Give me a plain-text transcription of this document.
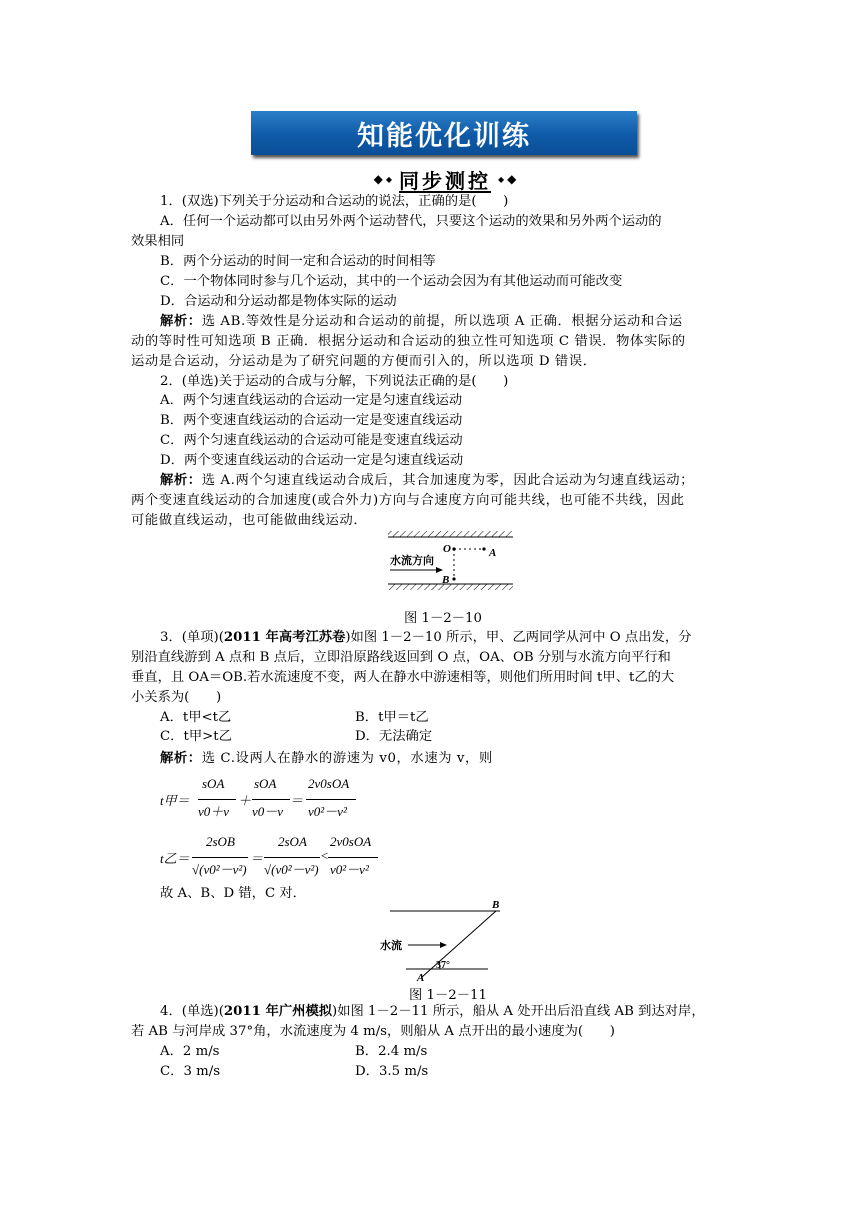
知能优化训练
◆ ◆ 同步测控 ◆ ◆
1．(双选)下列关于分运动和合运动的说法，正确的是(　　)
A．任何一个运动都可以由另外两个运动替代，只要这个运动的效果和另外两个运动的
效果相同
B．两个分运动的时间一定和合运动的时间相等
C．一个物体同时参与几个运动，其中的一个运动会因为有其他运动而可能改变
D．合运动和分运动都是物体实际的运动
解析：选 AB.等效性是分运动和合运动的前提，所以选项 A 正确．根据分运动和合运
动的等时性可知选项 B 正确．根据分运动和合运动的独立性可知选项 C 错误．物体实际的
运动是合运动，分运动是为了研究问题的方便而引入的，所以选项 D 错误．
2．(单选)关于运动的合成与分解，下列说法正确的是(　　)
A．两个匀速直线运动的合运动一定是匀速直线运动
B．两个变速直线运动的合运动一定是变速直线运动
C．两个匀速直线运动的合运动可能是变速直线运动
D．两个变速直线运动的合运动一定是匀速直线运动
解析：选 A.两个匀速直线运动合成后，其合加速度为零，因此合运动为匀速直线运动；
两个变速直线运动的合加速度(或合外力)方向与合速度方向可能共线，也可能不共线，因此
可能做直线运动，也可能做曲线运动．
水流方向
O	A
B
图 1－2－10
3．(单项)(2011 年高考江苏卷)如图 1－2－10 所示，甲、乙两同学从河中 O 点出发，分
别沿直线游到 A 点和 B 点后，立即沿原路线返回到 O 点，OA、OB 分别与水流方向平行和
垂直，且 OA＝OB.若水流速度不变，两人在静水中游速相等，则他们所用时间 t甲、t乙的大
小关系为(　　)
A．t甲<t乙	B．t甲＝t乙
C．t甲>t乙	D．无法确定
解析：选 C.设两人在静水的游速为 v0，水速为 v，则
t甲＝
sOA
v0＋v
＋
sOA
v0－v
＝
2v0sOA
v0²－v²
t乙＝
2sOB
√(v0²－v²)
＝
2sOA
√(v0²－v²)
<
2v0sOA
v0²－v²
故 A、B、D 错，C 对．
B
水流
37°
A
图 1－2－11
4．(单选)(2011 年广州模拟)如图 1－2－11 所示，船从 A 处开出后沿直线 AB 到达对岸，
若 AB 与河岸成 37°角，水流速度为 4 m/s，则船从 A 点开出的最小速度为(　　)
A．2 m/s	B．2.4 m/s
C．3 m/s	D．3.5 m/s
